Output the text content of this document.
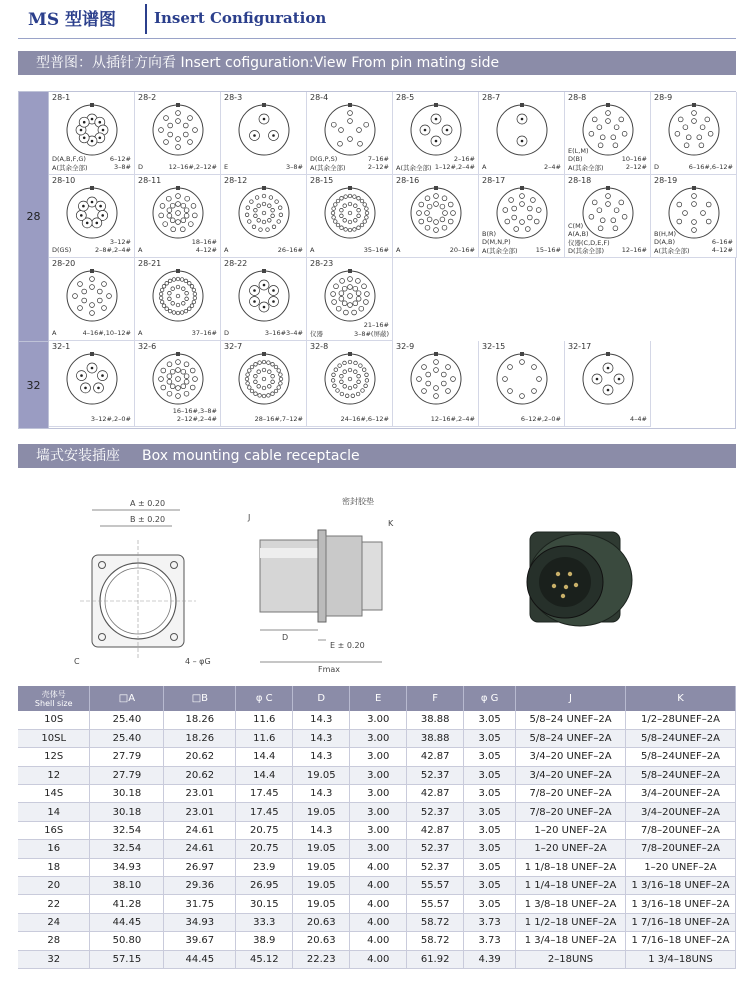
MS 型谱图	Insert Configuration
型普图：从插针方向看 Insert cofiguration:View From pin mating side
28
32
28-1
D(A,B,F,G)
A(其余全部)
6–12#
3–8#
28-2
D	12–16#,2–12#
28-3
E	3–8#
28-4
D(G,P,S)
A(其余全部)
7–16#
2–12#
28-5
A(其余全部)
2–16#
1–12#,2–4#
28-7
A	2–4#
28-8
E(L,M)
D(B)
A(其余全部)
10–16#
2–12#
28-9
D	6–16#,6–12#
28-10
D(GS)
3–12#
2–8#,2–4#
28-11
A
18–16#
4–12#
28-12
A	26–16#
28-15
A	35–16#
28-16
A	20–16#
28-17
B(R)
D(M,N,P)
A(其余全部)	15–16#
28-18
C(M)
A(A,B)
仪器(C,D,E,F)
D(其余全部)	12–16#
28-19
B(H,M)
D(A,B)
A(其余全部)
6–16#
4–12#
28-20
A	4–16#,10–12#
28-21
A	37–16#
28-22
D	3–16#3–4#
28-23
仪器
21–16#
3–8#(屏蔽)
32-1
3–12#,2–0#
32-6
16–16#,3–8#
2–12#,2–4#
32-7
28–16#,7–12#
32-8
24–16#,6–12#
32-9
12–16#,2–4#
32-15
6–12#,2–0#
32-17
4–4#
墙式安装插座 Box mounting cable receptacle
A ± 0.20
B ± 0.20
C	4 – φG
J
密封胶垫
K
D
E ± 0.20
Fmax
壳体号
Shell size	□A	□B	φ C	D	E	F	φ G	J	K
10S	25.40	18.26	11.6	14.3	3.00	38.88	3.05	5/8–24 UNEF–2A	1/2–28UNEF–2A
10SL	25.40	18.26	11.6	14.3	3.00	38.88	3.05	5/8–24 UNEF–2A	5/8–24UNEF–2A
12S	27.79	20.62	14.4	14.3	3.00	42.87	3.05	3/4–20 UNEF–2A	5/8–24UNEF–2A
12	27.79	20.62	14.4	19.05	3.00	52.37	3.05	3/4–20 UNEF–2A	5/8–24UNEF–2A
14S	30.18	23.01	17.45	14.3	3.00	42.87	3.05	7/8–20 UNEF–2A	3/4–20UNEF–2A
14	30.18	23.01	17.45	19.05	3.00	52.37	3.05	7/8–20 UNEF–2A	3/4–20UNEF–2A
16S	32.54	24.61	20.75	14.3	3.00	42.87	3.05	1–20 UNEF–2A	7/8–20UNEF–2A
16	32.54	24.61	20.75	19.05	3.00	52.37	3.05	1–20 UNEF–2A	7/8–20UNEF–2A
18	34.93	26.97	23.9	19.05	4.00	52.37	3.05	1 1/8–18 UNEF–2A	1–20 UNEF–2A
20	38.10	29.36	26.95	19.05	4.00	55.57	3.05	1 1/4–18 UNEF–2A	1 3/16–18 UNEF–2A
22	41.28	31.75	30.15	19.05	4.00	55.57	3.05	1 3/8–18 UNEF–2A	1 3/16–18 UNEF–2A
24	44.45	34.93	33.3	20.63	4.00	58.72	3.73	1 1/2–18 UNEF–2A	1 7/16–18 UNEF–2A
28	50.80	39.67	38.9	20.63	4.00	58.72	3.73	1 3/4–18 UNEF–2A	1 7/16–18 UNEF–2A
32	57.15	44.45	45.12	22.23	4.00	61.92	4.39	2–18UNS	1 3/4–18UNS
